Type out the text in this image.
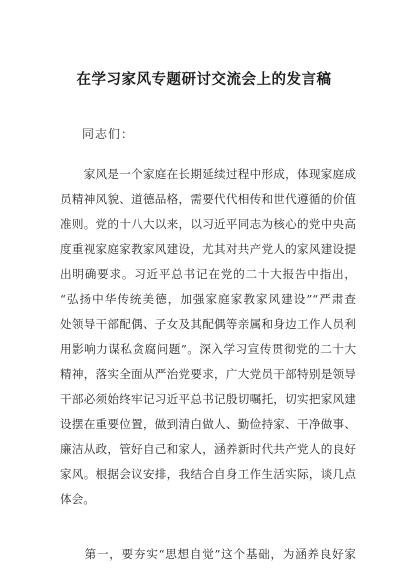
在学习家风专题研讨交流会上的发言稿
同志们：
　　家风是一个家庭在长期延续过程中形成，体现家庭成
员精神风貌、道德品格，需要代代相传和世代遵循的价值
准则。党的十八大以来，以习近平同志为核心的党中央高
度重视家庭家教家风建设，尤其对共产党人的家风建设提
出明确要求。习近平总书记在党的二十大报告中指出，
“弘扬中华传统美德，加强家庭家教家风建设”“严肃查
处领导干部配偶、子女及其配偶等亲属和身边工作人员利
用影响力谋私贪腐问题”。深入学习宣传贯彻党的二十大
精神，落实全面从严治党要求，广大党员干部特别是领导
干部必须始终牢记习近平总书记殷切嘱托，切实把家风建
设摆在重要位置，做到清白做人、勤俭持家、干净做事、
廉洁从政，管好自己和家人，涵养新时代共产党人的良好
家风。根据会议安排，我结合自身工作生活实际，谈几点
体会。
　　第一，要夯实“思想自觉”这个基础，为涵养良好家
